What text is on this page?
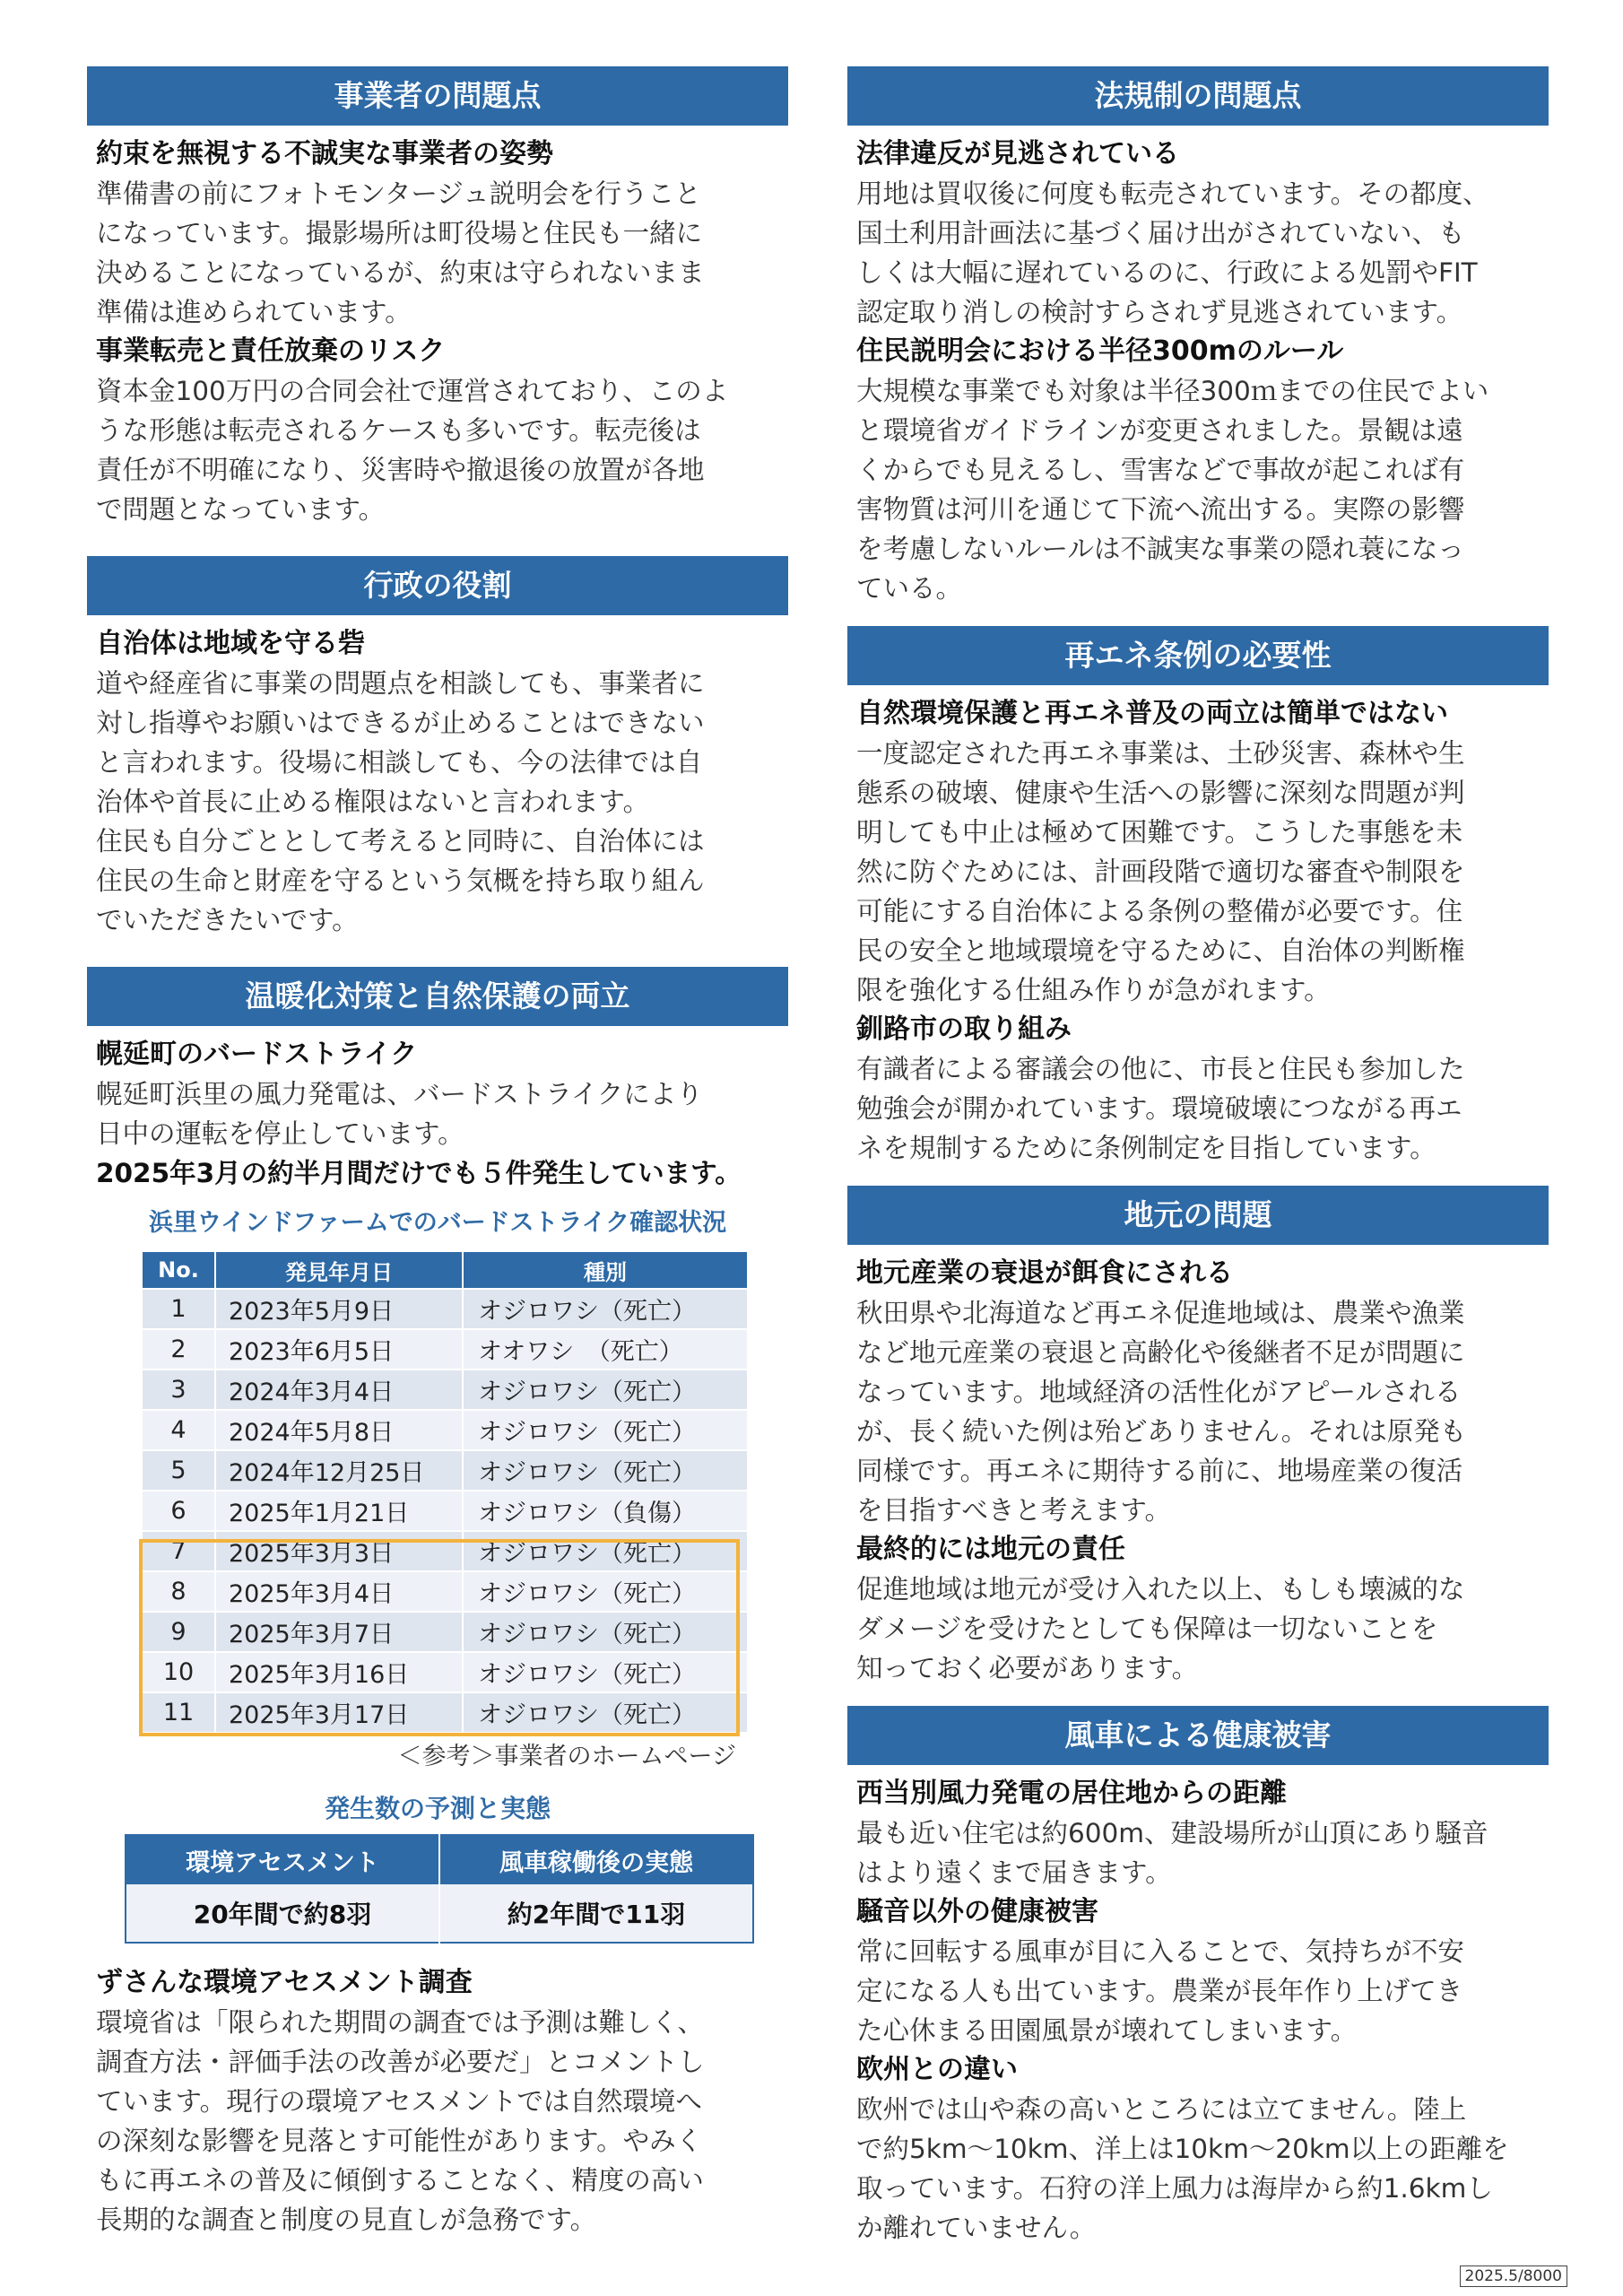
事業者の問題点
約束を無視する不誠実な事業者の姿勢
準備書の前にフォトモンタージュ説明会を行うこと
になっています。撮影場所は町役場と住民も一緒に
決めることになっているが、約束は守られないまま
準備は進められています。
事業転売と責任放棄のリスク
資本金100万円の合同会社で運営されており、このよ
うな形態は転売されるケースも多いです。転売後は
責任が不明確になり、災害時や撤退後の放置が各地
で問題となっています。
行政の役割
自治体は地域を守る砦
道や経産省に事業の問題点を相談しても、事業者に
対し指導やお願いはできるが止めることはできない
と言われます。役場に相談しても、今の法律では自
治体や首長に止める権限はないと言われます。
住民も自分ごととして考えると同時に、自治体には
住民の生命と財産を守るという気概を持ち取り組ん
でいただきたいです。
温暖化対策と自然保護の両立
幌延町のバードストライク
幌延町浜里の風力発電は、バードストライクにより
日中の運転を停止しています。
2025年3月の約半月間だけでも５件発生しています。
浜里ウインドファームでのバードストライク確認状況
No.	発見年月日	種別
1	2023年5月9日	オジロワシ（死亡）
2	2023年6月5日	オオワシ　（死亡）
3	2024年3月4日	オジロワシ（死亡）
4	2024年5月8日	オジロワシ（死亡）
5	2024年12月25日	オジロワシ（死亡）
6	2025年1月21日	オジロワシ（負傷）
7	2025年3月3日	オジロワシ（死亡）
8	2025年3月4日	オジロワシ（死亡）
9	2025年3月7日	オジロワシ（死亡）
10	2025年3月16日	オジロワシ（死亡）
11	2025年3月17日	オジロワシ（死亡）
＜参考＞事業者のホームページ
発生数の予測と実態
環境アセスメント	風車稼働後の実態
20年間で約8羽	約2年間で11羽
ずさんな環境アセスメント調査
環境省は「限られた期間の調査では予測は難しく、
調査方法・評価手法の改善が必要だ」とコメントし
ています。現行の環境アセスメントでは自然環境へ
の深刻な影響を見落とす可能性があります。やみく
もに再エネの普及に傾倒することなく、精度の高い
長期的な調査と制度の見直しが急務です。
法規制の問題点
法律違反が見逃されている
用地は買収後に何度も転売されています。その都度、
国土利用計画法に基づく届け出がされていない、も
しくは大幅に遅れているのに、行政による処罰やFIT
認定取り消しの検討すらされず見逃されています。
住民説明会における半径300mのルール
大規模な事業でも対象は半径300ｍまでの住民でよい
と環境省ガイドラインが変更されました。景観は遠
くからでも見えるし、雪害などで事故が起これば有
害物質は河川を通じて下流へ流出する。実際の影響
を考慮しないルールは不誠実な事業の隠れ蓑になっ
ている。
再エネ条例の必要性
自然環境保護と再エネ普及の両立は簡単ではない
一度認定された再エネ事業は、土砂災害、森林や生
態系の破壊、健康や生活への影響に深刻な問題が判
明しても中止は極めて困難です。こうした事態を未
然に防ぐためには、計画段階で適切な審査や制限を
可能にする自治体による条例の整備が必要です。住
民の安全と地域環境を守るために、自治体の判断権
限を強化する仕組み作りが急がれます。
釧路市の取り組み
有識者による審議会の他に、市長と住民も参加した
勉強会が開かれています。環境破壊につながる再エ
ネを規制するために条例制定を目指しています。
地元の問題
地元産業の衰退が餌食にされる
秋田県や北海道など再エネ促進地域は、農業や漁業
など地元産業の衰退と高齢化や後継者不足が問題に
なっています。地域経済の活性化がアピールされる
が、長く続いた例は殆どありません。それは原発も
同様です。再エネに期待する前に、地場産業の復活
を目指すべきと考えます。
最終的には地元の責任
促進地域は地元が受け入れた以上、もしも壊滅的な
ダメージを受けたとしても保障は一切ないことを
知っておく必要があります。
風車による健康被害
西当別風力発電の居住地からの距離
最も近い住宅は約600m、建設場所が山頂にあり騒音
はより遠くまで届きます。
騒音以外の健康被害
常に回転する風車が目に入ることで、気持ちが不安
定になる人も出ています。農業が長年作り上げてき
た心休まる田園風景が壊れてしまいます。
欧州との違い
欧州では山や森の高いところには立てません。陸上
で約5km～10km、洋上は10km～20km以上の距離を
取っています。石狩の洋上風力は海岸から約1.6kmし
か離れていません。
2025.5/8000
